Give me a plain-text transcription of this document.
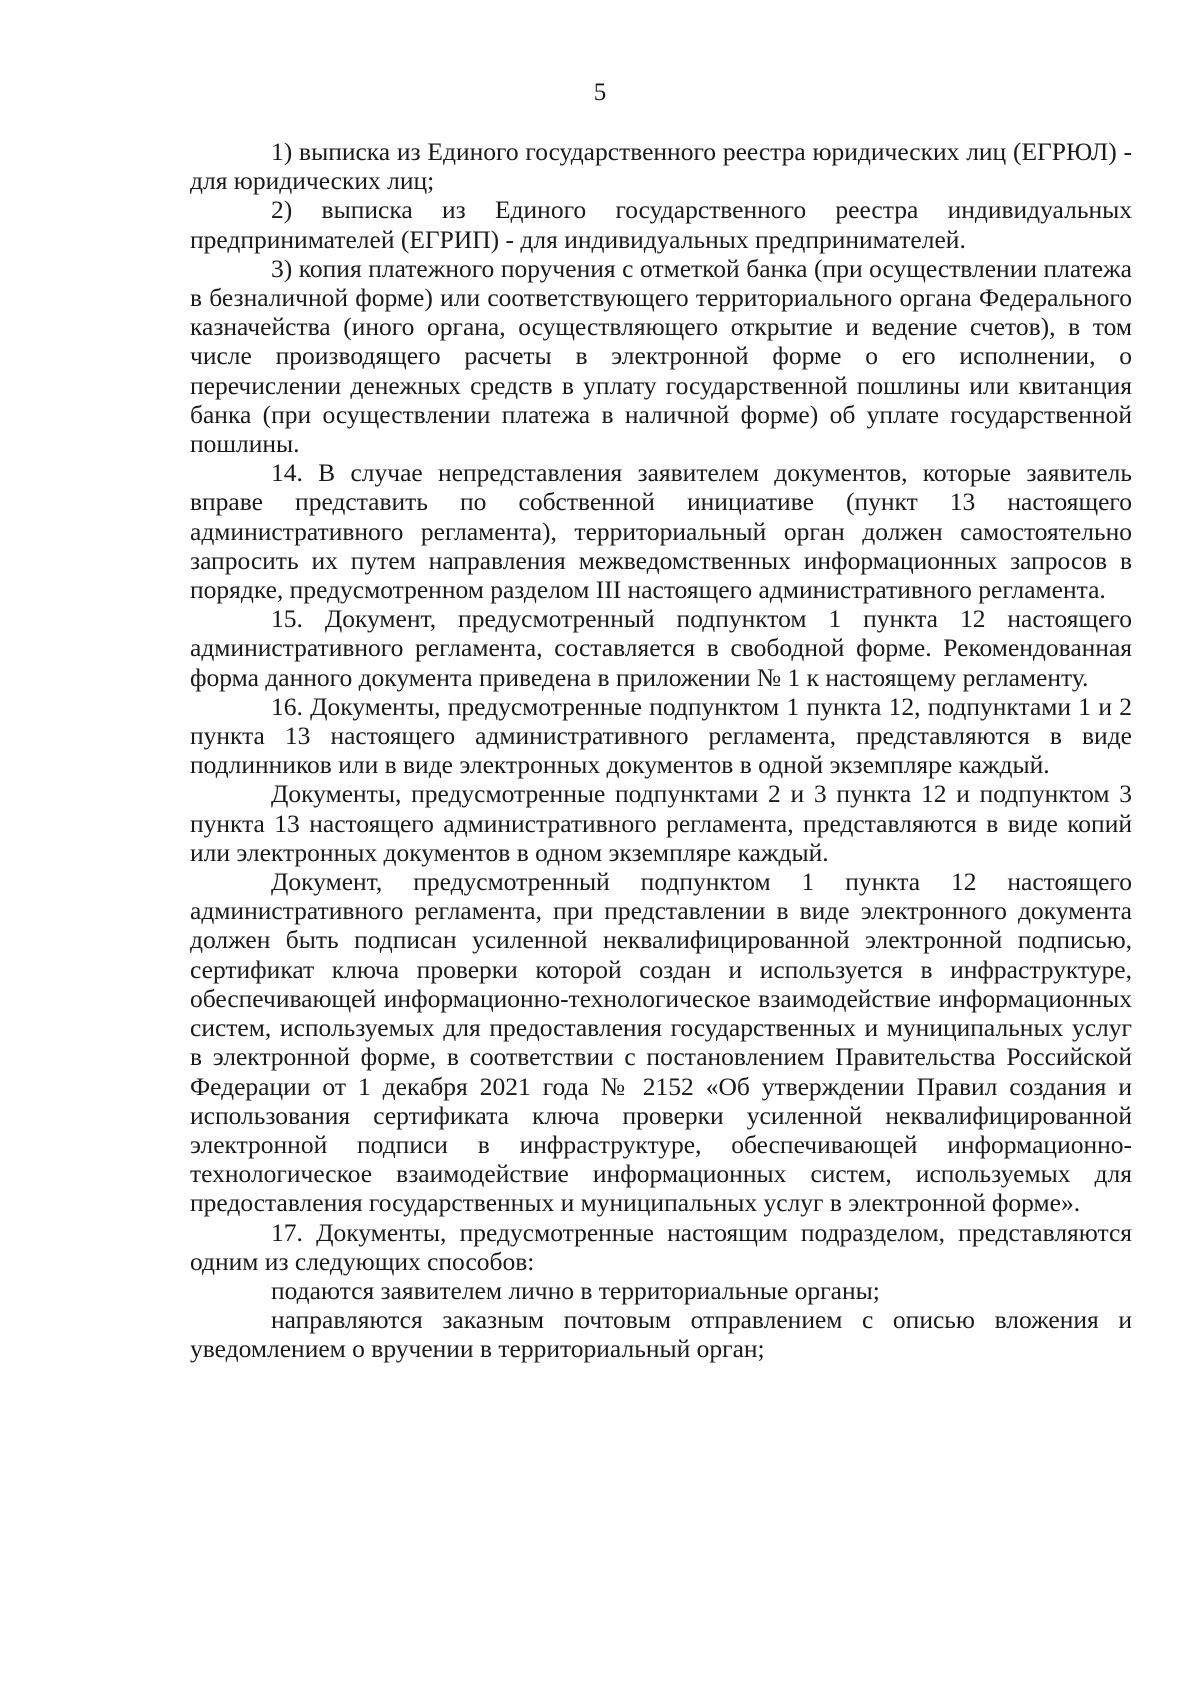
5

1) выписка из Единого государственного реестра юридических лиц (ЕГРЮЛ) - для юридических лиц;

2) выписка из Единого государственного реестра индивидуальных предпринимателей (ЕГРИП) - для индивидуальных предпринимателей.

3) копия платежного поручения с отметкой банка (при осуществлении платежа в безналичной форме) или соответствующего территориального органа Федерального казначейства (иного органа, осуществляющего открытие и ведение счетов), в том числе производящего расчеты в электронной форме о его исполнении, о перечислении денежных средств в уплату государственной пошлины или квитанция банка (при осуществлении платежа в наличной форме) об уплате государственной пошлины.

14. В случае непредставления заявителем документов, которые заявитель вправе представить по собственной инициативе (пункт 13 настоящего административного регламента), территориальный орган должен самостоятельно запросить их путем направления межведомственных информационных запросов в порядке, предусмотренном разделом III настоящего административного регламента.

15. Документ, предусмотренный подпунктом 1 пункта 12 настоящего административного регламента, составляется в свободной форме. Рекомендованная форма данного документа приведена в приложении № 1 к настоящему регламенту.

16. Документы, предусмотренные подпунктом 1 пункта 12, подпунктами 1 и 2 пункта 13 настоящего административного регламента, представляются в виде подлинников или в виде электронных документов в одной экземпляре каждый.

Документы, предусмотренные подпунктами 2 и 3 пункта 12 и подпунктом 3 пункта 13 настоящего административного регламента, представляются в виде копий или электронных документов в одном экземпляре каждый.

Документ, предусмотренный подпунктом 1 пункта 12 настоящего административного регламента, при представлении в виде электронного документа должен быть подписан усиленной неквалифицированной электронной подписью, сертификат ключа проверки которой создан и используется в инфраструктуре, обеспечивающей информационно-технологическое взаимодействие информационных систем, используемых для предоставления государственных и муниципальных услуг в электронной форме, в соответствии с постановлением Правительства Российской Федерации от 1 декабря 2021 года № 2152 «Об утверждении Правил создания и использования сертификата ключа проверки усиленной неквалифицированной электронной подписи в инфраструктуре, обеспечивающей информационно-технологическое взаимодействие информационных систем, используемых для предоставления государственных и муниципальных услуг в электронной форме».

17. Документы, предусмотренные настоящим подразделом, представляются одним из следующих способов:

подаются заявителем лично в территориальные органы;

направляются заказным почтовым отправлением с описью вложения и уведомлением о вручении в территориальный орган;
